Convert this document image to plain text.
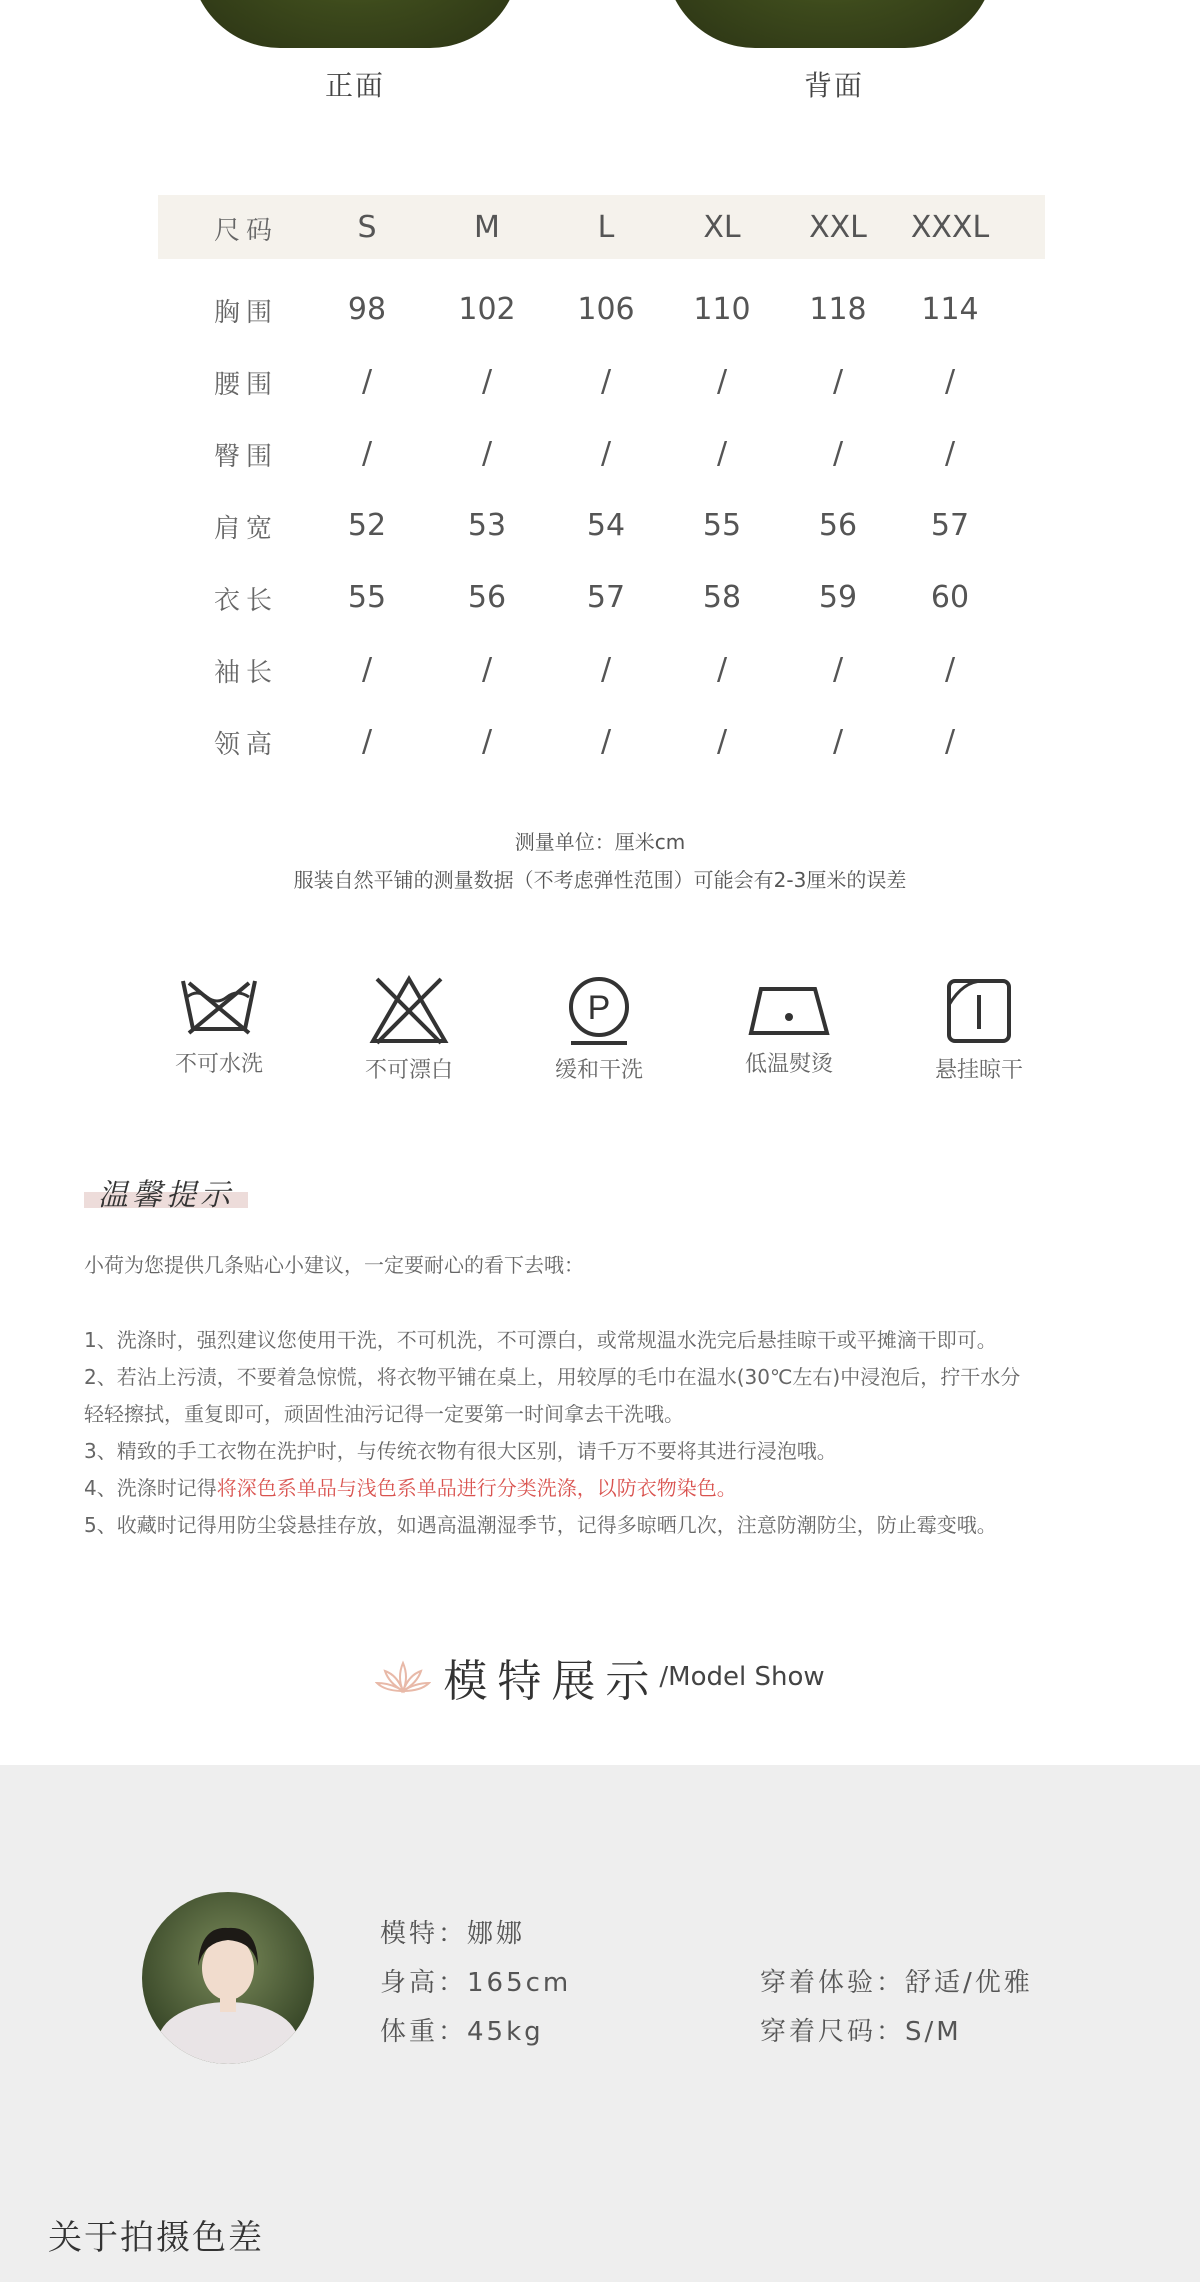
正面	背面
尺码	S	M	L	XL	XXL	XXXL
胸围	98	102	106	110	118	114
腰围	/	/	/	/	/	/
臀围	/	/	/	/	/	/
肩宽	52	53	54	55	56	57
衣长	55	56	57	58	59	60
袖长	/	/	/	/	/	/
领高	/	/	/	/	/	/
测量单位：厘米cm
服装自然平铺的测量数据（不考虑弹性范围）可能会有2-3厘米的误差
不可水洗	不可漂白
P
缓和干洗	低温熨烫	悬挂晾干
温馨提示
小荷为您提供几条贴心小建议，一定要耐心的看下去哦：
1、洗涤时，强烈建议您使用干洗，不可机洗，不可漂白，或常规温水洗完后悬挂晾干或平摊滴干即可。
2、若沾上污渍，不要着急惊慌，将衣物平铺在桌上，用较厚的毛巾在温水(30℃左右)中浸泡后，拧干水分
轻轻擦拭，重复即可，顽固性油污记得一定要第一时间拿去干洗哦。
3、精致的手工衣物在洗护时，与传统衣物有很大区别，请千万不要将其进行浸泡哦。
4、洗涤时记得将深色系单品与浅色系单品进行分类洗涤，以防衣物染色。
5、收藏时记得用防尘袋悬挂存放，如遇高温潮湿季节，记得多晾晒几次，注意防潮防尘，防止霉变哦。
模特展示/Model Show
模特：娜娜
身高：165cm
体重：45kg
穿着体验：舒适/优雅
穿着尺码：S/M
关于拍摄色差
